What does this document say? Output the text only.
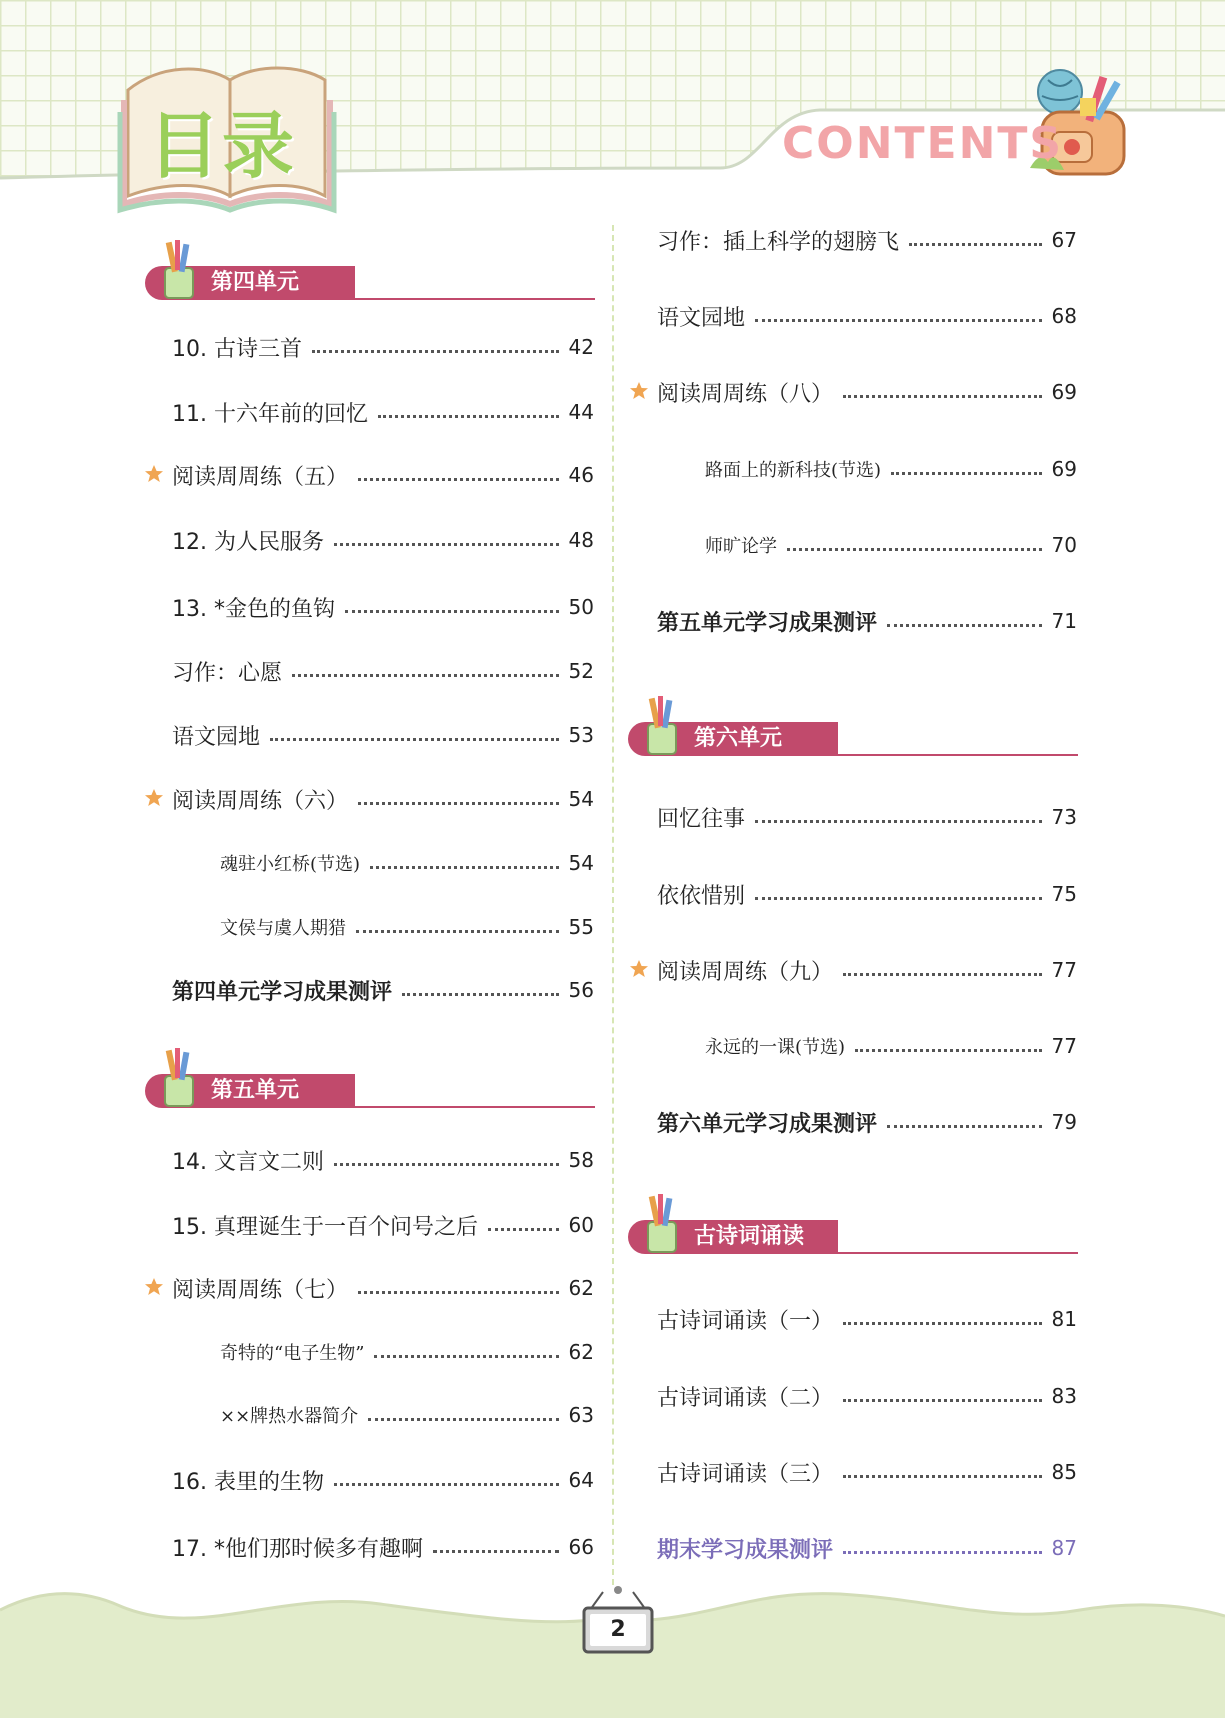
目录	CONTENTS
第四单元
10. 古诗三首	42
11. 十六年前的回忆	44
阅读周周练（五）	46
12. 为人民服务	48
13. *金色的鱼钩	50
习作：心愿	52
语文园地	53
阅读周周练（六）	54
魂驻小红桥(节选)	54
文侯与虞人期猎	55
第四单元学习成果测评	56
第五单元
14. 文言文二则	58
15. 真理诞生于一百个问号之后	60
阅读周周练（七）	62
奇特的“电子生物”	62
××牌热水器简介	63
16. 表里的生物	64
17. *他们那时候多有趣啊	66
习作：插上科学的翅膀飞	67
语文园地	68
阅读周周练（八）	69
路面上的新科技(节选)	69
师旷论学	70
第五单元学习成果测评	71
第六单元
回忆往事	73
依依惜别	75
阅读周周练（九）	77
永远的一课(节选)	77
第六单元学习成果测评	79
古诗词诵读
古诗词诵读（一）	81
古诗词诵读（二）	83
古诗词诵读（三）	85
期末学习成果测评	87
2
